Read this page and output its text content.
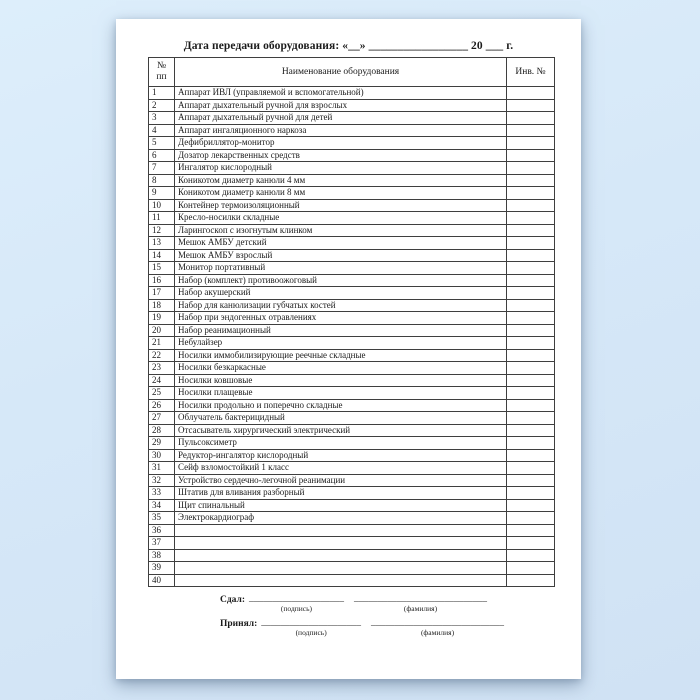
Дата передачи оборудования: «__» _________________ 20 ___ г.
№
пп	Наименование оборудования	Инв. №
1	Аппарат ИВЛ (управляемой и вспомогательной)	
2	Аппарат дыхательный ручной для взрослых	
3	Аппарат дыхательный ручной для детей	
4	Аппарат ингаляционного наркоза	
5	Дефибриллятор-монитор	
6	Дозатор лекарственных средств	
7	Ингалятор кислородный	
8	Коникотом диаметр канюли 4 мм	
9	Коникотом диаметр канюли 8 мм	
10	Контейнер термоизоляционный	
11	Кресло-носилки складные	
12	Ларингоскоп с изогнутым клинком	
13	Мешок АМБУ детский	
14	Мешок АМБУ взрослый	
15	Монитор портативный	
16	Набор (комплект) противоожоговый	
17	Набор акушерский	
18	Набор для канюлизации губчатых костей	
19	Набор при эндогенных отравлениях	
20	Набор реанимационный	
21	Небулайзер	
22	Носилки иммобилизирующие реечные складные	
23	Носилки безкаркасные	
24	Носилки ковшовые	
25	Носилки плащевые	
26	Носилки продольно и поперечно складные	
27	Облучатель бактерицидный	
28	Отсасыватель хирургический электрический	
29	Пульсоксиметр	
30	Редуктор-ингалятор кислородный	
31	Сейф взломостойкий 1 класс	
32	Устройство сердечно-легочной реанимации	
33	Штатив для вливания разборный	
34	Щит спинальный	
35	Электрокардиограф	
36		
37		
38		
39		
40		
Сдал: ____________________
(подпись)
____________________________
(фамилия)
Принял: _____________________
(подпись)
____________________________
(фамилия)
